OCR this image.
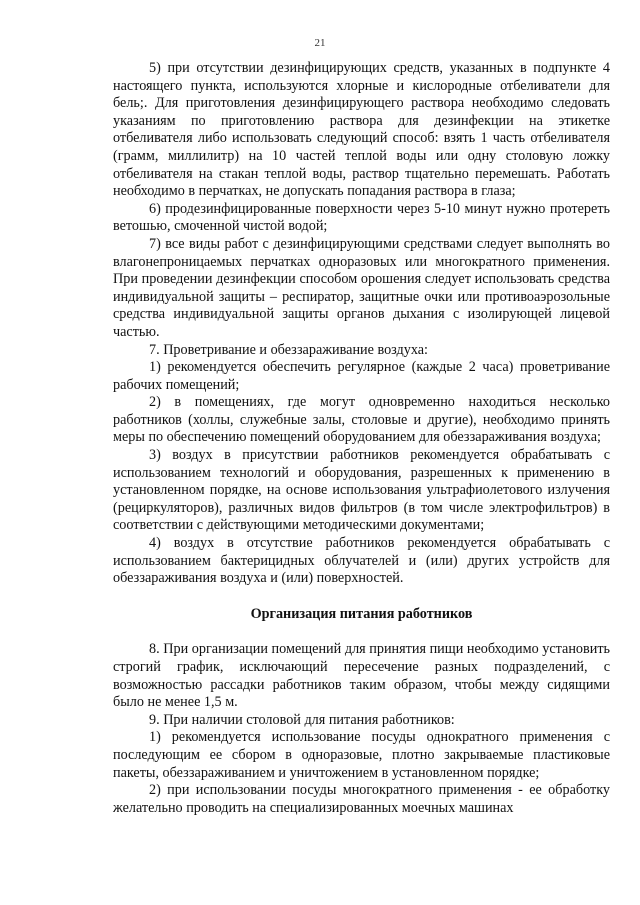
21

5) при отсутствии дезинфицирующих средств, указанных в подпункте 4 настоящего пункта, используются хлорные и кислородные отбеливатели для бель;. Для приготовления дезинфицирующего раствора необходимо следовать указаниям по приготовлению раствора для дезинфекции на этикетке отбеливателя либо использовать следующий способ: взять 1 часть отбеливателя (грамм, миллилитр) на 10 частей теплой воды или одну столовую ложку отбеливателя на стакан теплой воды, раствор тщательно перемешать. Работать необходимо в перчатках, не допускать попадания раствора в глаза;

6) продезинфицированные поверхности через 5-10 минут нужно протереть ветошью, смоченной чистой водой;

7) все виды работ с дезинфицирующими средствами следует выполнять во влагонепроницаемых перчатках одноразовых или многократного применения. При проведении дезинфекции способом орошения следует использовать средства индивидуальной защиты – респиратор, защитные очки или противоаэрозольные средства индивидуальной защиты органов дыхания с изолирующей лицевой частью.

7. Проветривание и обеззараживание воздуха:

1) рекомендуется обеспечить регулярное (каждые 2 часа) проветривание рабочих помещений;

2) в помещениях, где могут одновременно находиться несколько работников (холлы, служебные залы, столовые и другие), необходимо принять меры по обеспечению помещений оборудованием для обеззараживания воздуха;

3) воздух в присутствии работников рекомендуется обрабатывать с использованием технологий и оборудования, разрешенных к применению в установленном порядке, на основе использования ультрафиолетового излучения (рециркуляторов), различных видов фильтров (в том числе электрофильтров) в соответствии с действующими методическими документами;

4) воздух в отсутствие работников рекомендуется обрабатывать с использованием бактерицидных облучателей и (или) других устройств для обеззараживания воздуха и (или) поверхностей.

Организация питания работников

8. При организации помещений для принятия пищи необходимо установить строгий график, исключающий пересечение разных подразделений, с возможностью рассадки работников таким образом, чтобы между сидящими было не менее 1,5 м.

9. При наличии столовой для питания работников:

1) рекомендуется использование посуды однократного применения с последующим ее сбором в одноразовые, плотно закрываемые пластиковые пакеты, обеззараживанием и уничтожением в установленном порядке;

2) при использовании посуды многократного применения - ее обработку желательно проводить на специализированных моечных машинах
